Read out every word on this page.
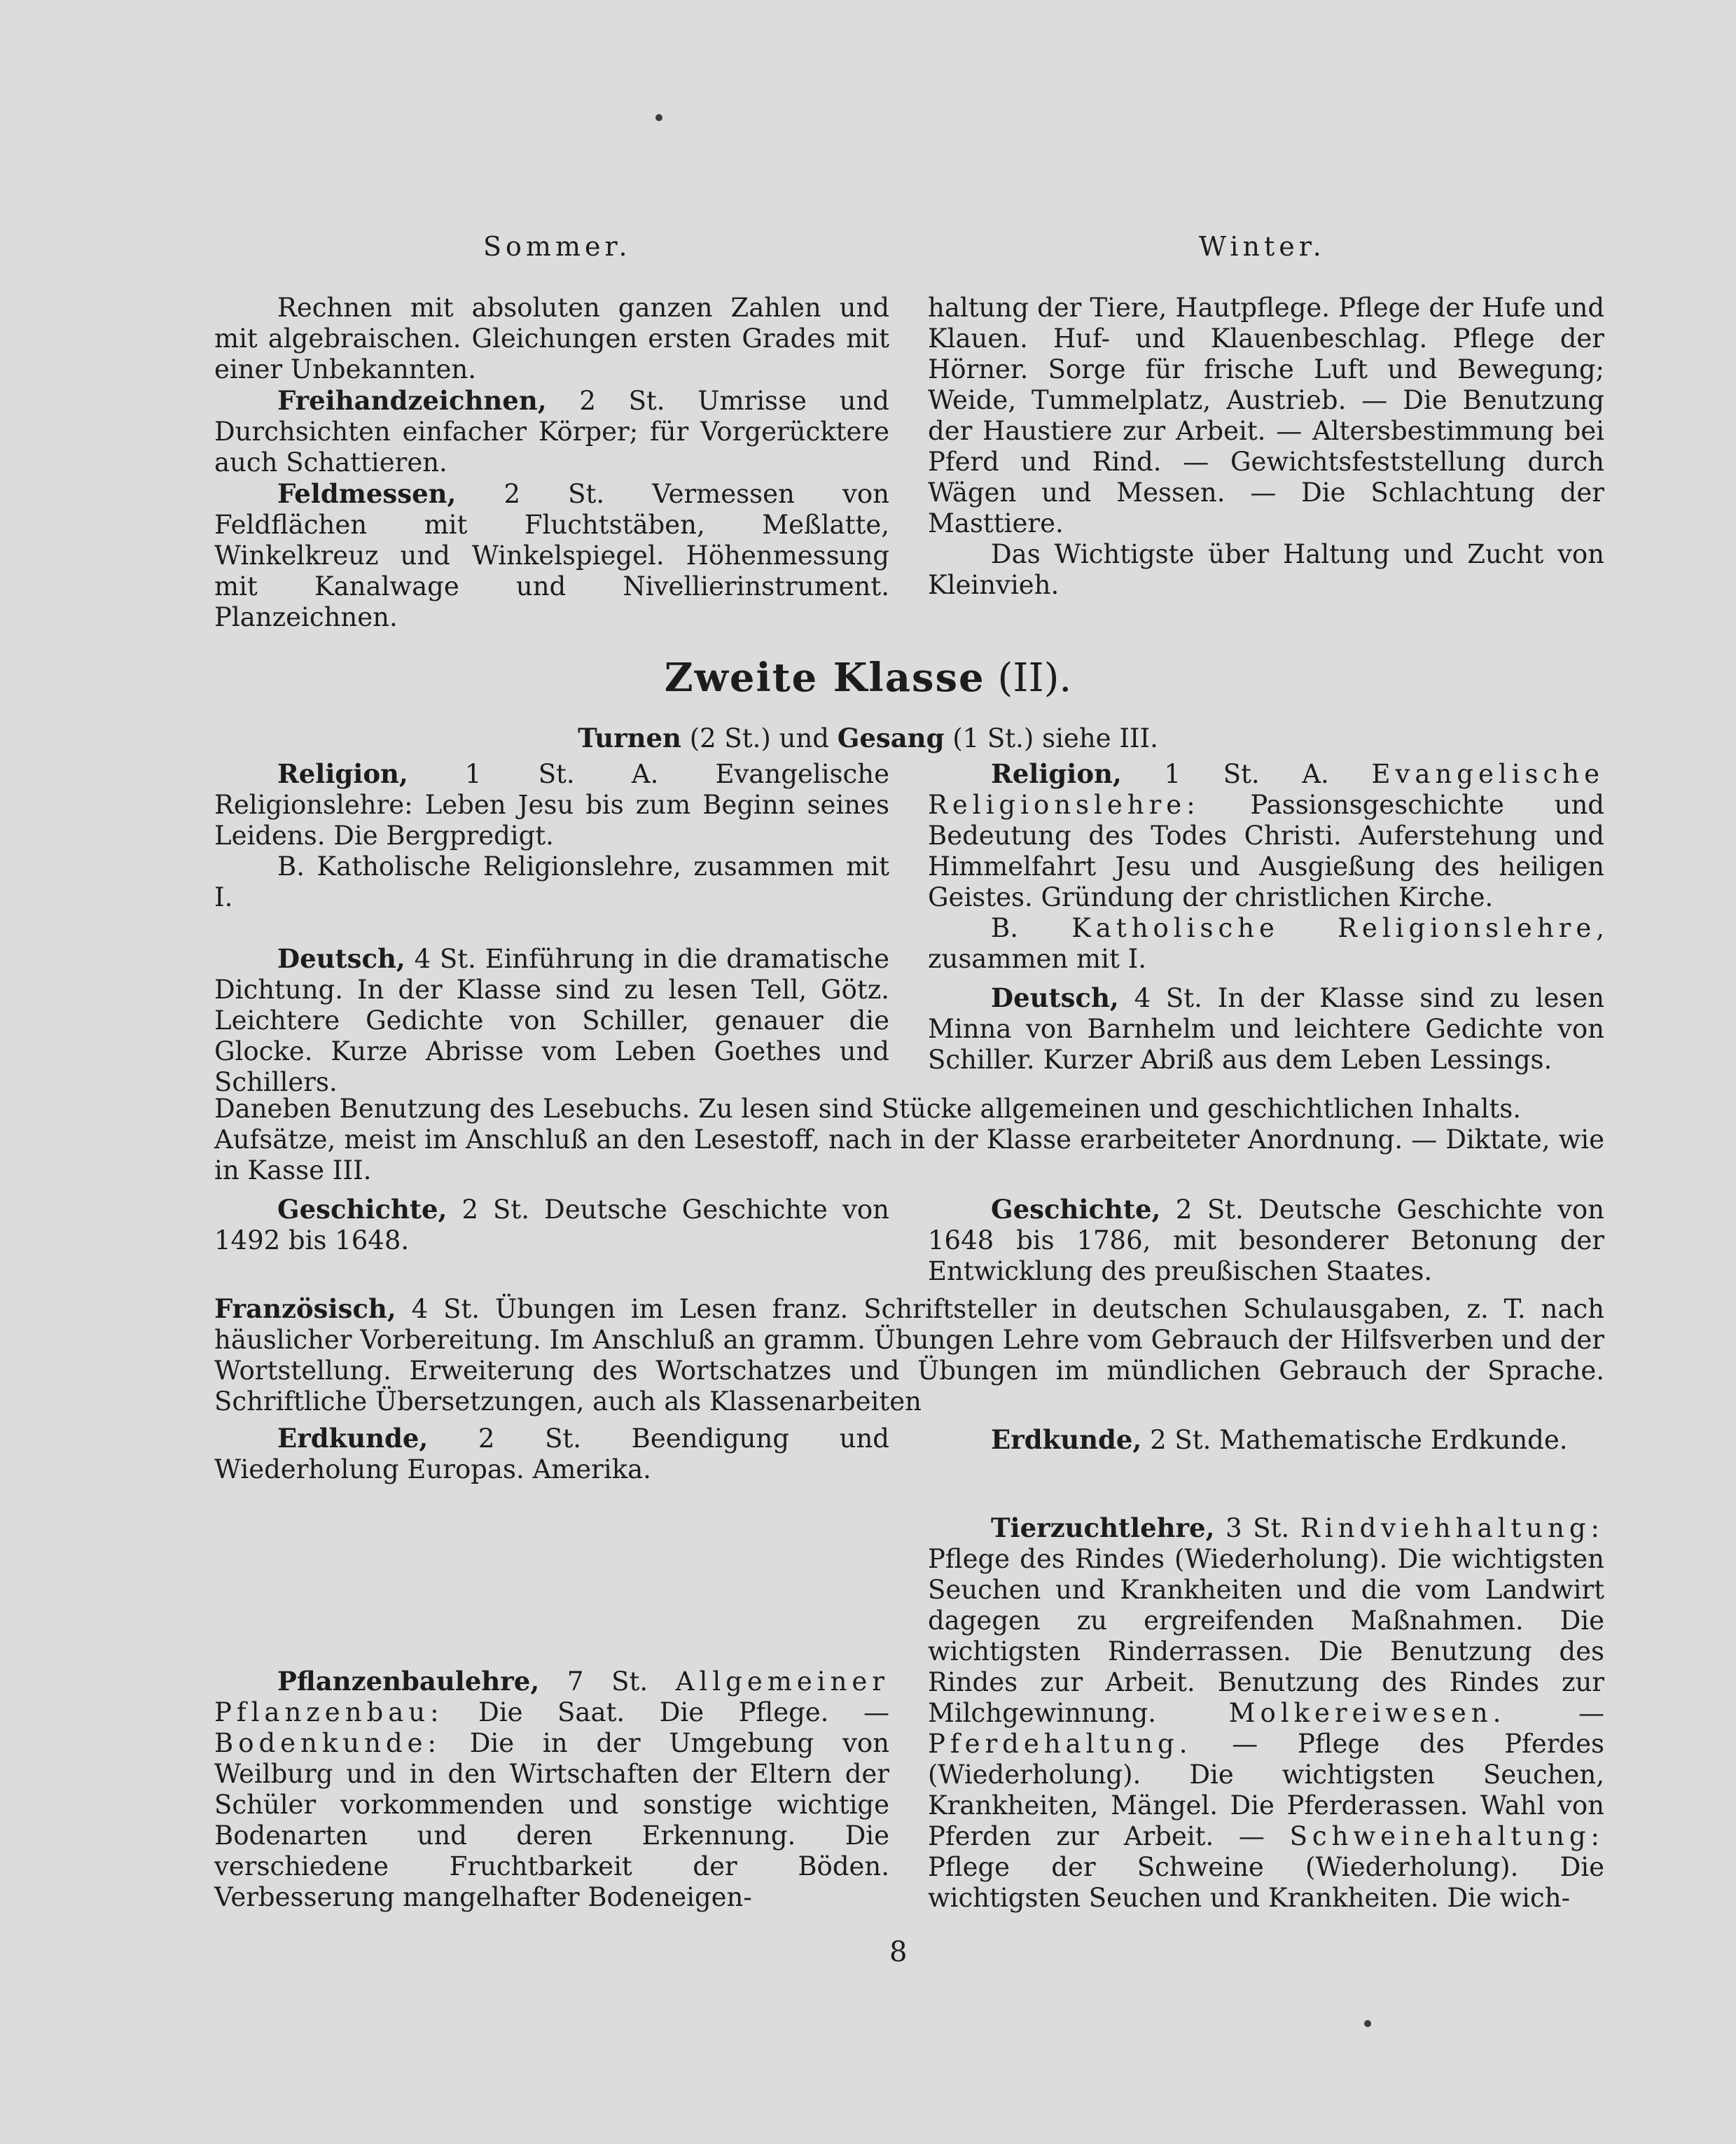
Sommer.	Winter.

Rechnen mit absoluten ganzen Zahlen und mit algebraischen. Gleichungen ersten Grades mit einer Unbekannten.

Freihandzeichnen, 2 St. Umrisse und Durchsichten einfacher Körper; für Vorgerücktere auch Schattieren.

Feldmessen, 2 St. Vermessen von Feldflächen mit Fluchtstäben, Meßlatte, Winkelkreuz und Winkelspiegel. Höhenmessung mit Kanalwage und Nivellierinstrument. Planzeichnen.

haltung der Tiere, Hautpflege. Pflege der Hufe und Klauen. Huf- und Klauenbeschlag. Pflege der Hörner. Sorge für frische Luft und Bewegung; Weide, Tummelplatz, Austrieb. — Die Benutzung der Haustiere zur Arbeit. — Altersbestimmung bei Pferd und Rind. — Gewichtsfeststellung durch Wägen und Messen. — Die Schlachtung der Masttiere.

Das Wichtigste über Haltung und Zucht von Kleinvieh.

Zweite Klasse (II).
Turnen (2 St.) und Gesang (1 St.) siehe III.

Religion, 1 St. A. Evangelische Religionslehre: Leben Jesu bis zum Beginn seines Leidens. Die Bergpredigt.

B. Katholische Religionslehre, zusammen mit I.

Religion, 1 St. A. Evangelische Religionslehre: Passionsgeschichte und Bedeutung des Todes Christi. Auferstehung und Himmelfahrt Jesu und Ausgießung des heiligen Geistes. Gründung der christlichen Kirche.

B. Katholische Religionslehre, zusammen mit I.

Deutsch, 4 St. Einführung in die dramatische Dichtung. In der Klasse sind zu lesen Tell, Götz. Leichtere Gedichte von Schiller, genauer die Glocke. Kurze Abrisse vom Leben Goethes und Schillers.

Deutsch, 4 St. In der Klasse sind zu lesen Minna von Barnhelm und leichtere Gedichte von Schiller. Kurzer Abriß aus dem Leben Lessings.

Daneben Benutzung des Lesebuchs. Zu lesen sind Stücke allgemeinen und geschichtlichen Inhalts.

Aufsätze, meist im Anschluß an den Lesestoff, nach in der Klasse erarbeiteter Anordnung. — Diktate, wie in Kasse III.

Geschichte, 2 St. Deutsche Geschichte von 1492 bis 1648.

Geschichte, 2 St. Deutsche Geschichte von 1648 bis 1786, mit besonderer Betonung der Entwicklung des preußischen Staates.

Französisch, 4 St. Übungen im Lesen franz. Schriftsteller in deutschen Schulausgaben, z. T. nach häuslicher Vorbereitung. Im Anschluß an gramm. Übungen Lehre vom Gebrauch der Hilfsverben und der Wortstellung. Erweiterung des Wortschatzes und Übungen im mündlichen Gebrauch der Sprache. Schriftliche Übersetzungen, auch als Klassenarbeiten

Erdkunde, 2 St. Beendigung und Wiederholung Europas. Amerika.

Erdkunde, 2 St. Mathematische Erdkunde.

Tierzuchtlehre, 3 St. Rindviehhaltung: Pflege des Rindes (Wiederholung). Die wichtigsten Seuchen und Krankheiten und die vom Landwirt dagegen zu ergreifenden Maßnahmen. Die wichtigsten Rinderrassen. Die Benutzung des Rindes zur Arbeit. Benutzung des Rindes zur Milchgewinnung. Molkereiwesen. — Pferdehaltung. — Pflege des Pferdes (Wiederholung). Die wichtigsten Seuchen, Krankheiten, Mängel. Die Pferderassen. Wahl von Pferden zur Arbeit. — Schweinehaltung: Pflege der Schweine (Wiederholung). Die wichtigsten Seuchen und Krankheiten. Die wich-

Pflanzenbaulehre, 7 St. Allgemeiner Pflanzenbau: Die Saat. Die Pflege. — Bodenkunde: Die in der Umgebung von Weilburg und in den Wirtschaften der Eltern der Schüler vorkommenden und sonstige wichtige Bodenarten und deren Erkennung. Die verschiedene Fruchtbarkeit der Böden. Verbesserung mangelhafter Bodeneigen-

8
